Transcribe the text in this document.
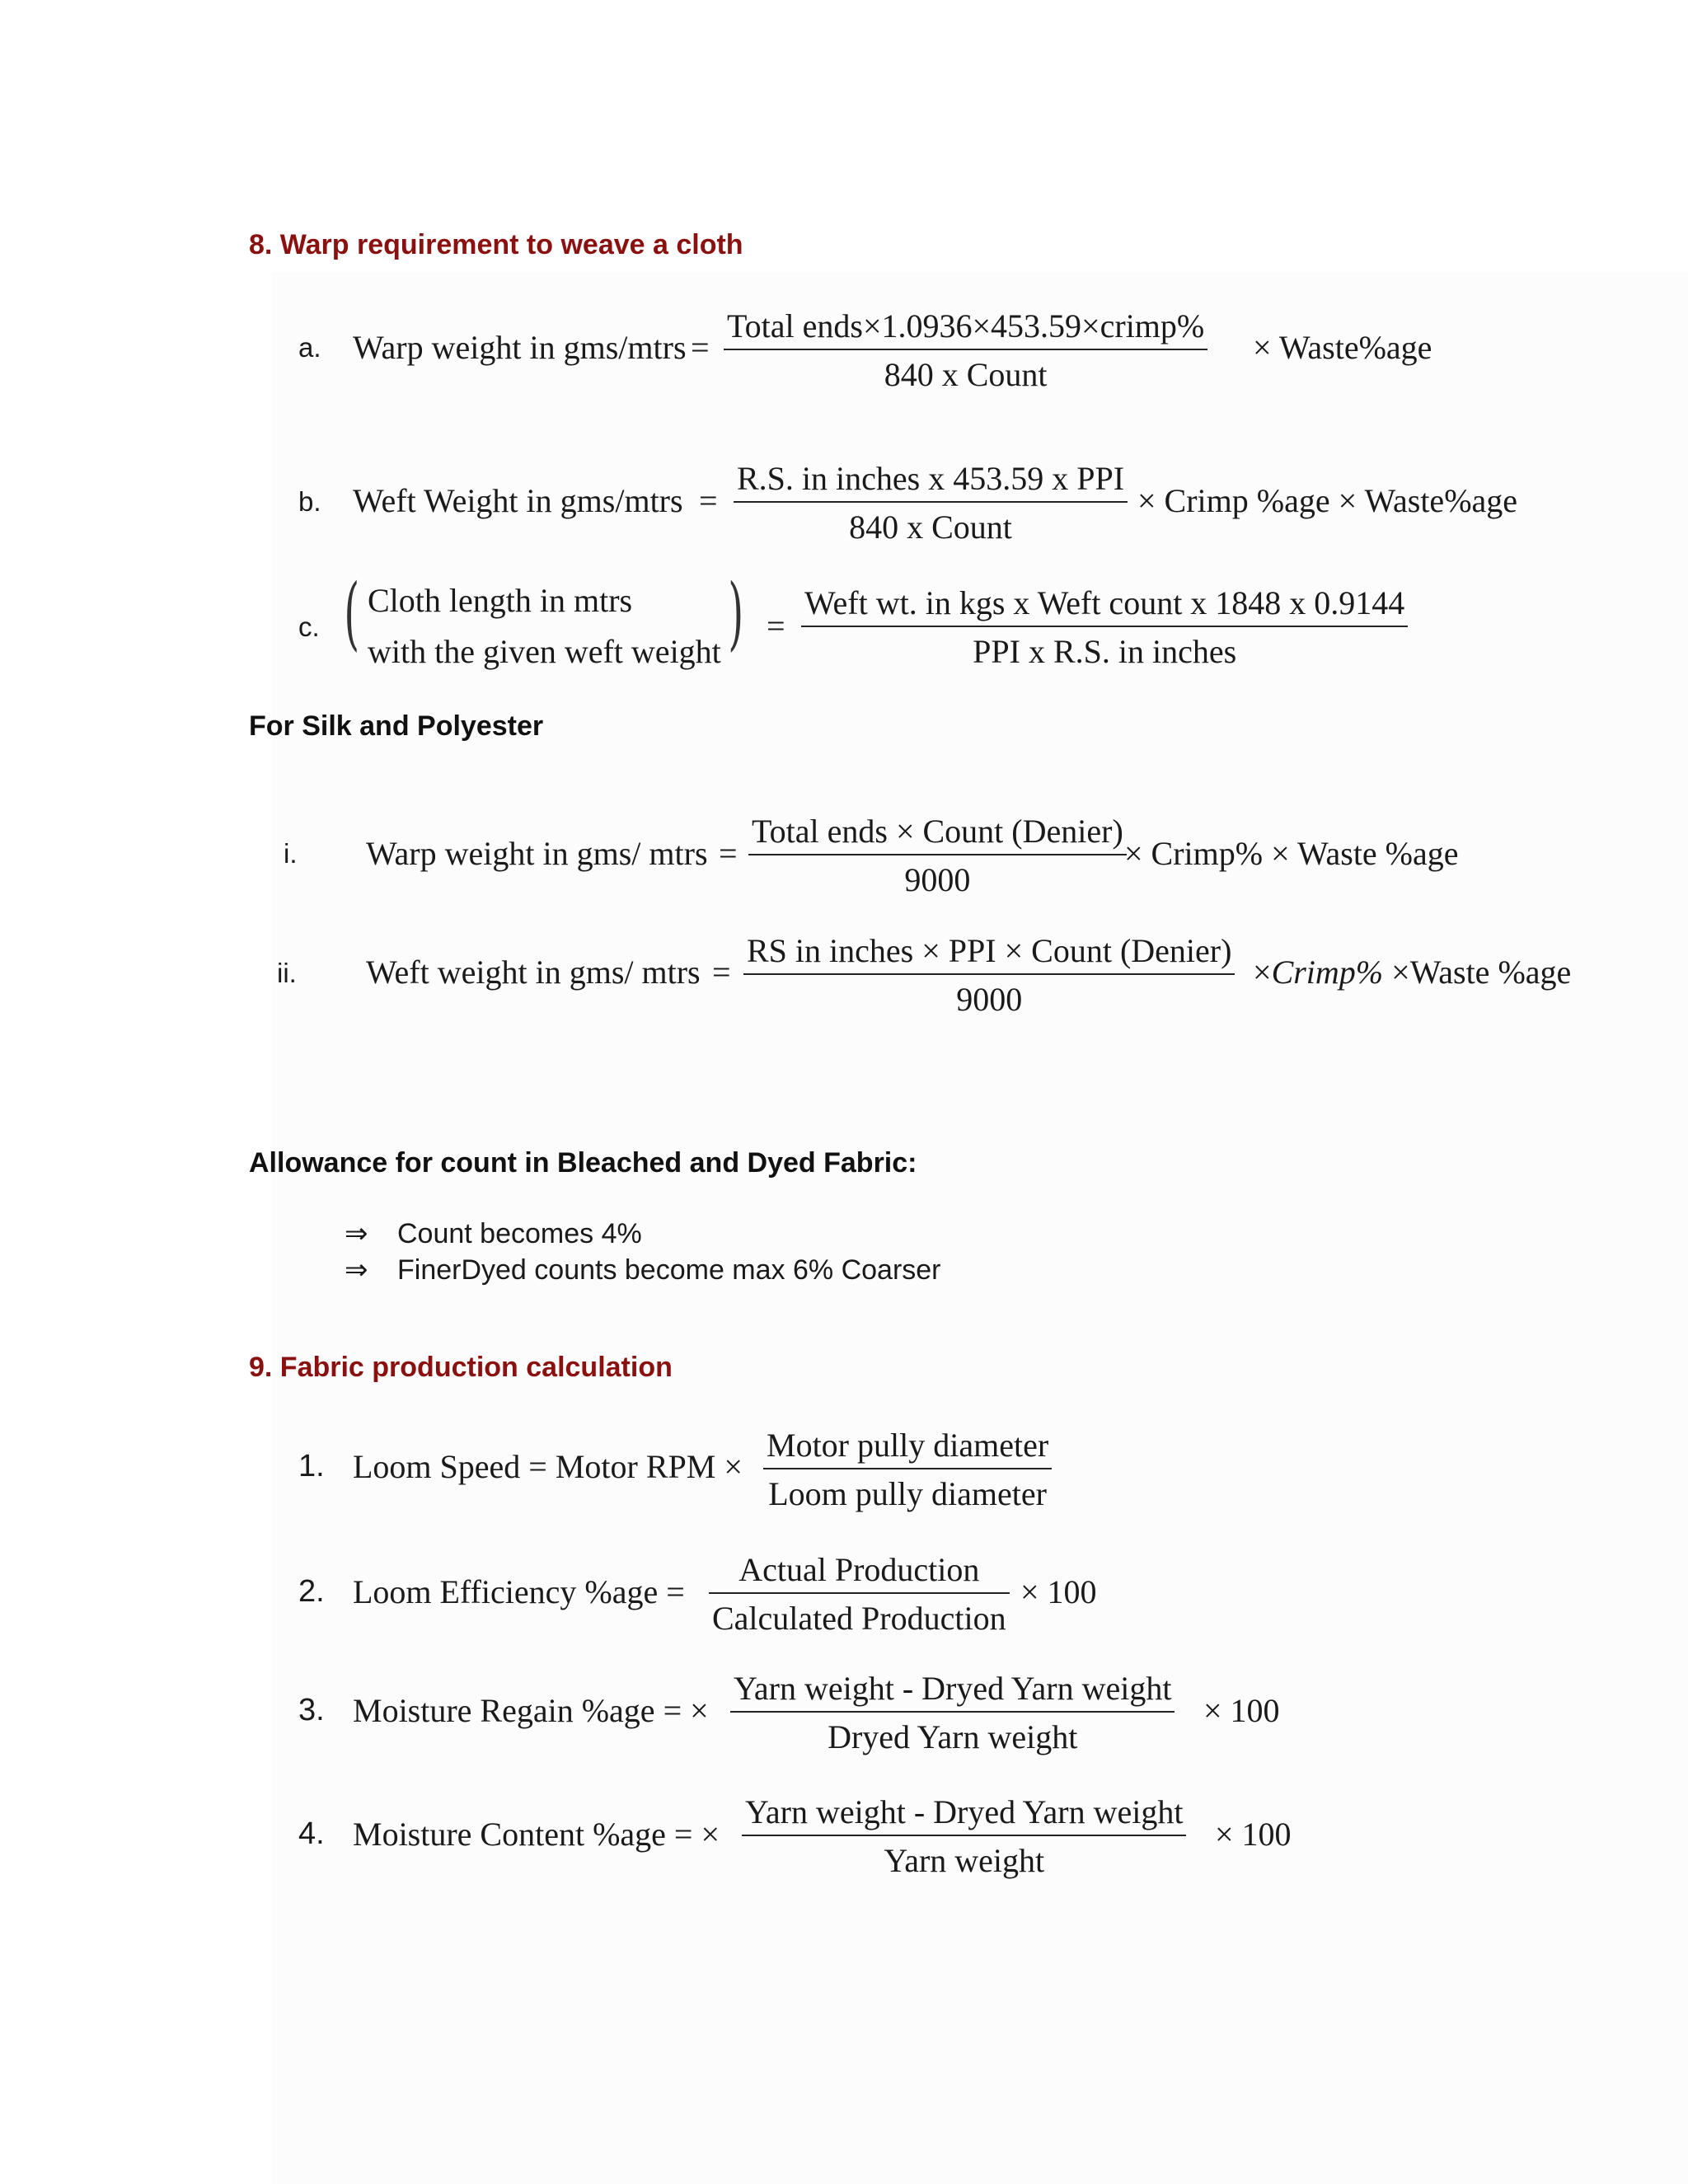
8. Warp requirement to weave a cloth
a. Warp weight in gms/mtrs =
Total ends×1.0936×453.59×crimp%
840 x Count
× Waste%age
b. Weft Weight in gms/mtrs =
R.S. in inches x 453.59 x PPI
840 x Count
× Crimp %age × Waste%age
c. ( Cloth length in mtrs
with the given weft weight ) =
Weft wt. in kgs x Weft count x 1848 x 0.9144
PPI x R.S. in inches
For Silk and Polyester
i. Warp weight in gms/ mtrs =
Total ends × Count (Denier)
9000
× Crimp% × Waste %age
ii. Weft weight in gms/ mtrs =
RS in inches × PPI × Count (Denier)
9000
×Crimp% ×Waste %age
Allowance for count in Bleached and Dyed Fabric:
⇒ Count becomes 4%
⇒ FinerDyed counts become max 6% Coarser
9. Fabric production calculation
1. Loom Speed = Motor RPM ×
Motor pully diameter
Loom pully diameter
2. Loom Efficiency %age =
Actual Production
Calculated Production
× 100
3. Moisture Regain %age = ×
Yarn weight - Dryed Yarn weight
Dryed Yarn weight
× 100
4. Moisture Content %age = ×
Yarn weight - Dryed Yarn weight
Yarn weight
× 100
